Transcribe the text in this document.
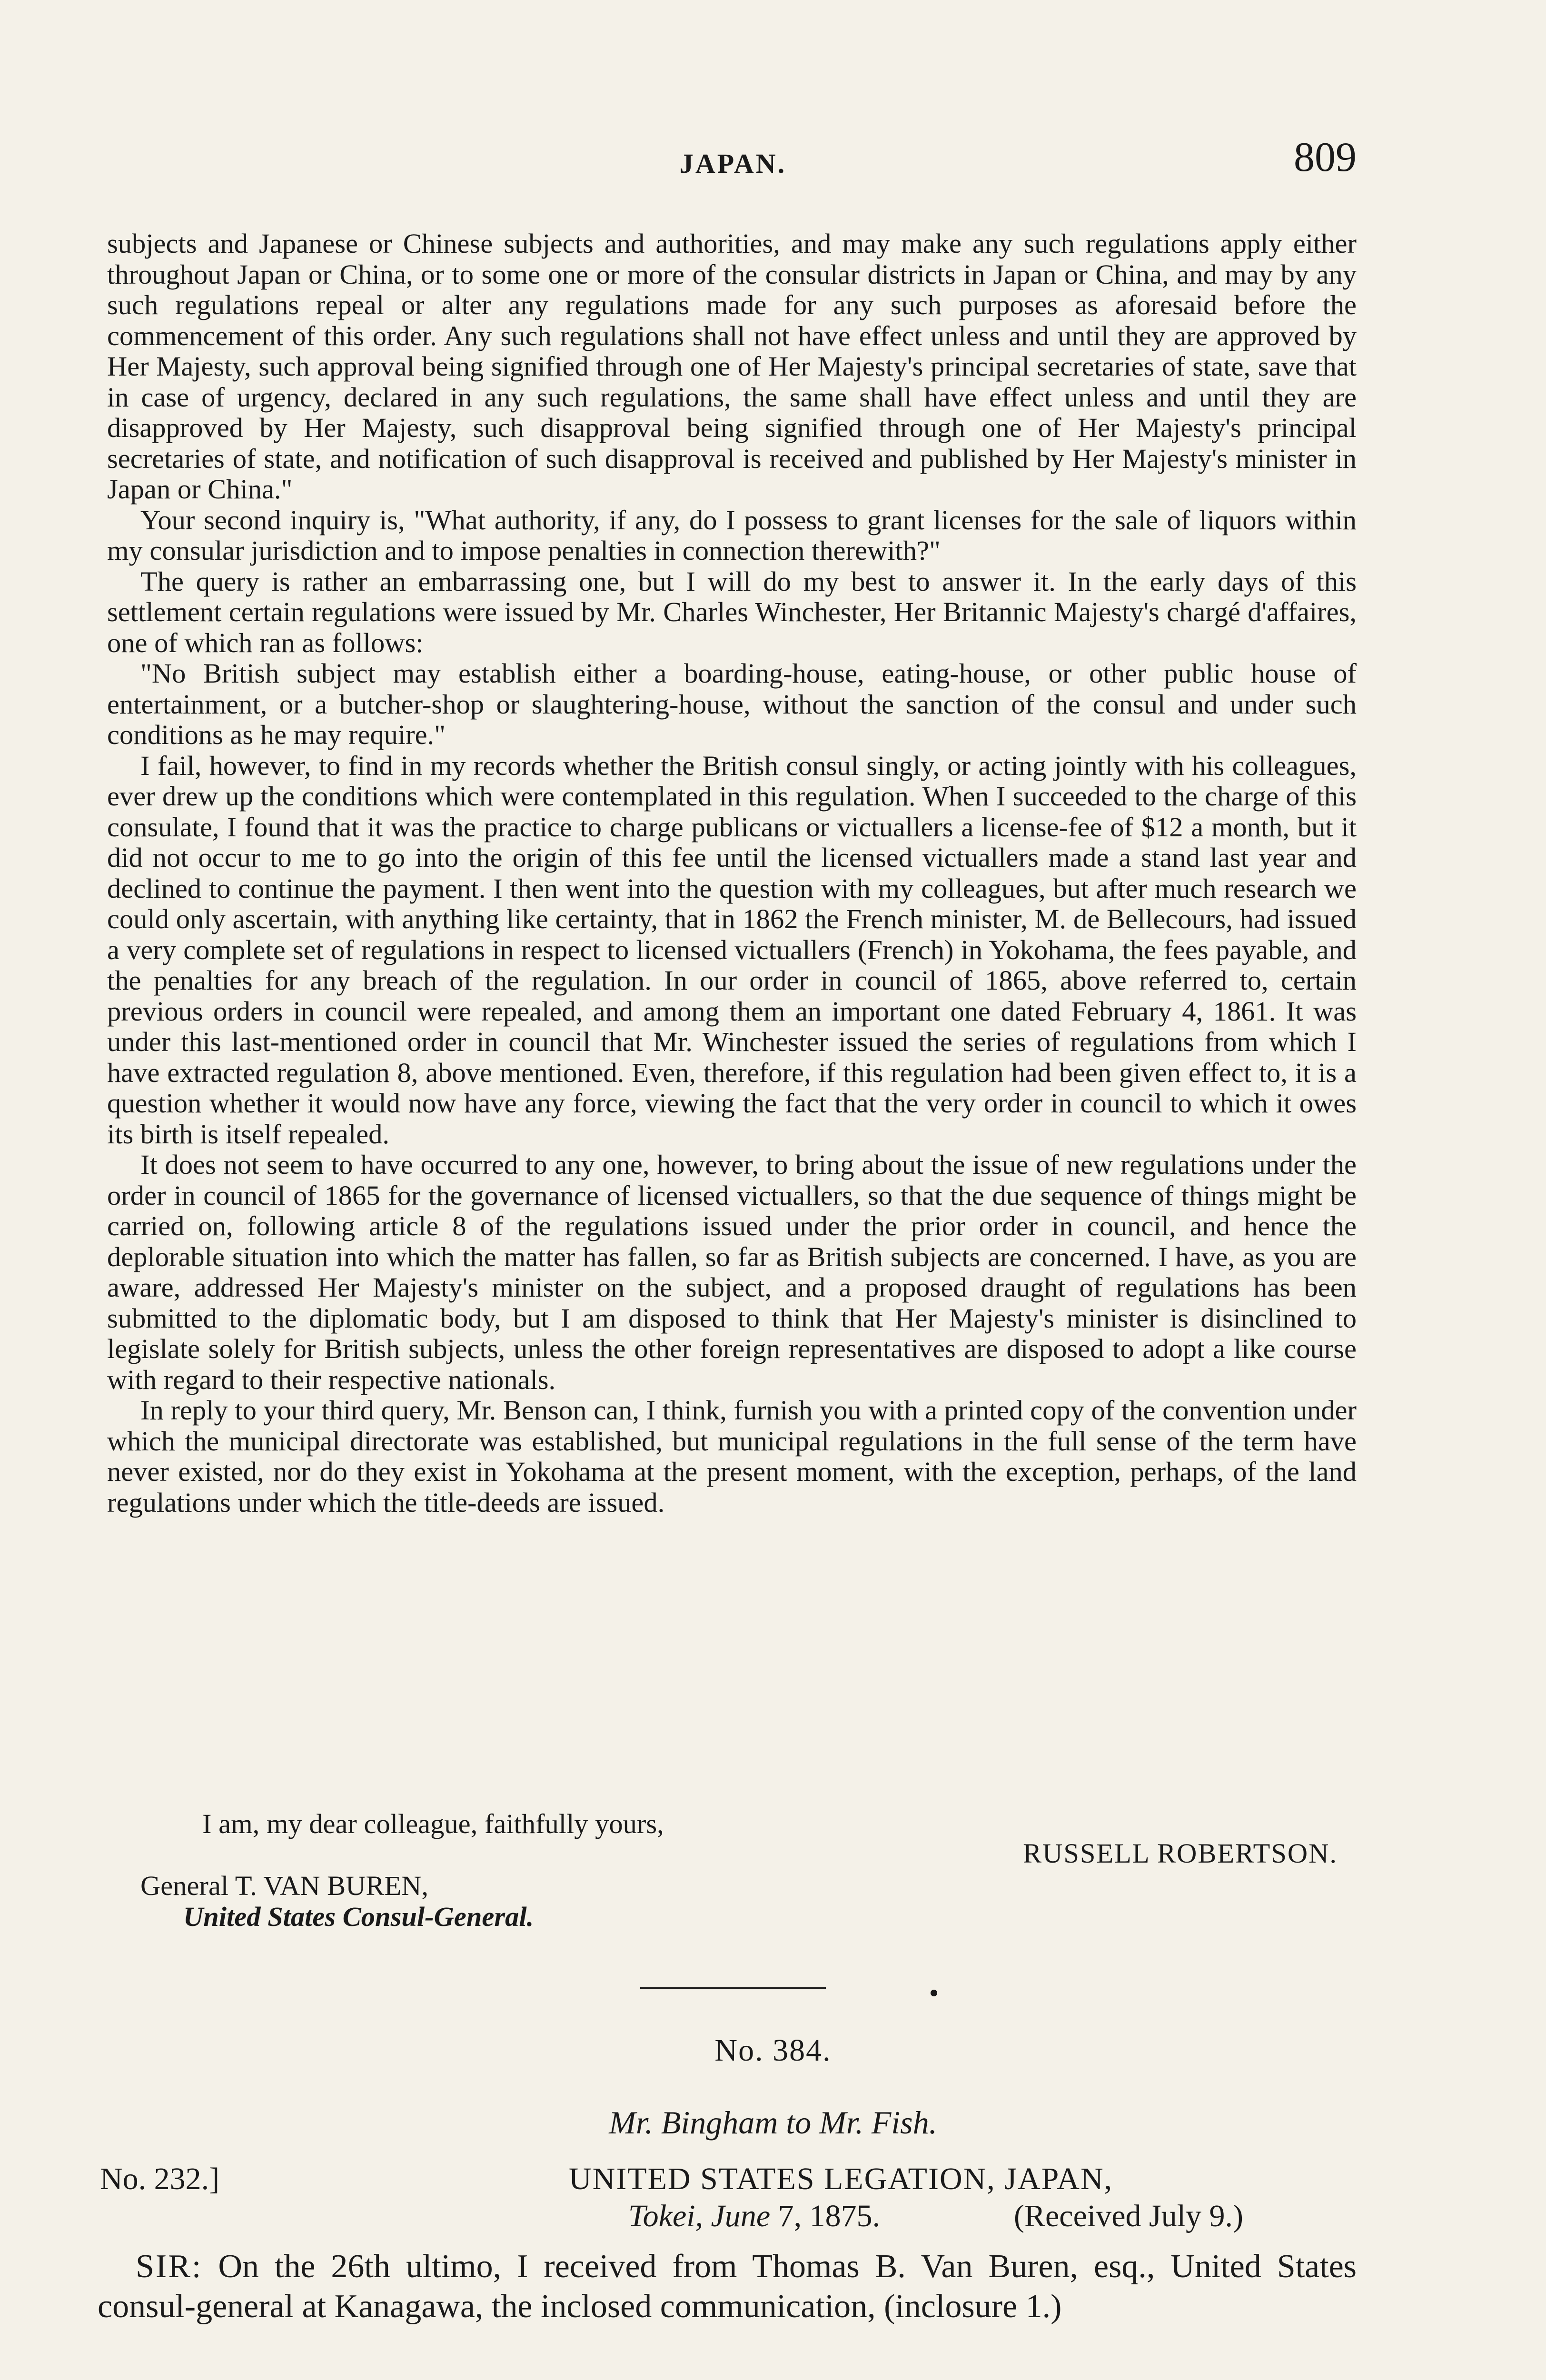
JAPAN.	809

subjects and Japanese or Chinese subjects and authorities, and may make any such regulations apply either throughout Japan or China, or to some one or more of the consular districts in Japan or China, and may by any such regulations repeal or alter any regulations made for any such purposes as aforesaid before the commencement of this order. Any such regulations shall not have effect unless and until they are approved by Her Majesty, such approval being signified through one of Her Majesty's principal secretaries of state, save that in case of urgency, declared in any such regulations, the same shall have effect unless and until they are disapproved by Her Majesty, such disapproval being signified through one of Her Majesty's principal secretaries of state, and notification of such disapproval is received and published by Her Majesty's minister in Japan or China."

Your second inquiry is, "What authority, if any, do I possess to grant licenses for the sale of liquors within my consular jurisdiction and to impose penalties in connection therewith?"

The query is rather an embarrassing one, but I will do my best to answer it. In the early days of this settlement certain regulations were issued by Mr. Charles Winchester, Her Britannic Majesty's chargé d'affaires, one of which ran as follows:

"No British subject may establish either a boarding-house, eating-house, or other public house of entertainment, or a butcher-shop or slaughtering-house, without the sanction of the consul and under such conditions as he may require."

I fail, however, to find in my records whether the British consul singly, or acting jointly with his colleagues, ever drew up the conditions which were contemplated in this regulation. When I succeeded to the charge of this consulate, I found that it was the practice to charge publicans or victuallers a license-fee of $12 a month, but it did not occur to me to go into the origin of this fee until the licensed victuallers made a stand last year and declined to continue the payment. I then went into the question with my colleagues, but after much research we could only ascertain, with anything like certainty, that in 1862 the French minister, M. de Bellecours, had issued a very complete set of regulations in respect to licensed victuallers (French) in Yokohama, the fees payable, and the penalties for any breach of the regulation. In our order in council of 1865, above referred to, certain previous orders in council were repealed, and among them an important one dated February 4, 1861. It was under this last-mentioned order in council that Mr. Winchester issued the series of regulations from which I have extracted regulation 8, above mentioned. Even, therefore, if this regulation had been given effect to, it is a question whether it would now have any force, viewing the fact that the very order in council to which it owes its birth is itself repealed.

It does not seem to have occurred to any one, however, to bring about the issue of new regulations under the order in council of 1865 for the governance of licensed victuallers, so that the due sequence of things might be carried on, following article 8 of the regulations issued under the prior order in council, and hence the deplorable situation into which the matter has fallen, so far as British subjects are concerned. I have, as you are aware, addressed Her Majesty's minister on the subject, and a proposed draught of regulations has been submitted to the diplomatic body, but I am disposed to think that Her Majesty's minister is disinclined to legislate solely for British subjects, unless the other foreign representatives are disposed to adopt a like course with regard to their respective nationals.

In reply to your third query, Mr. Benson can, I think, furnish you with a printed copy of the convention under which the municipal directorate was established, but municipal regulations in the full sense of the term have never existed, nor do they exist in Yokohama at the present moment, with the exception, perhaps, of the land regulations under which the title-deeds are issued.

I am, my dear colleague, faithfully yours,
RUSSELL ROBERTSON.
General T. VAN BUREN,
United States Consul-General.
No. 384.
Mr. Bingham to Mr. Fish.
No. 232.]	UNITED STATES LEGATION, JAPAN,
Tokei, June 7, 1875.	(Received July 9.)

SIR: On the 26th ultimo, I received from Thomas B. Van Buren, esq., United States consul-general at Kanagawa, the inclosed communication, (inclosure 1.)
